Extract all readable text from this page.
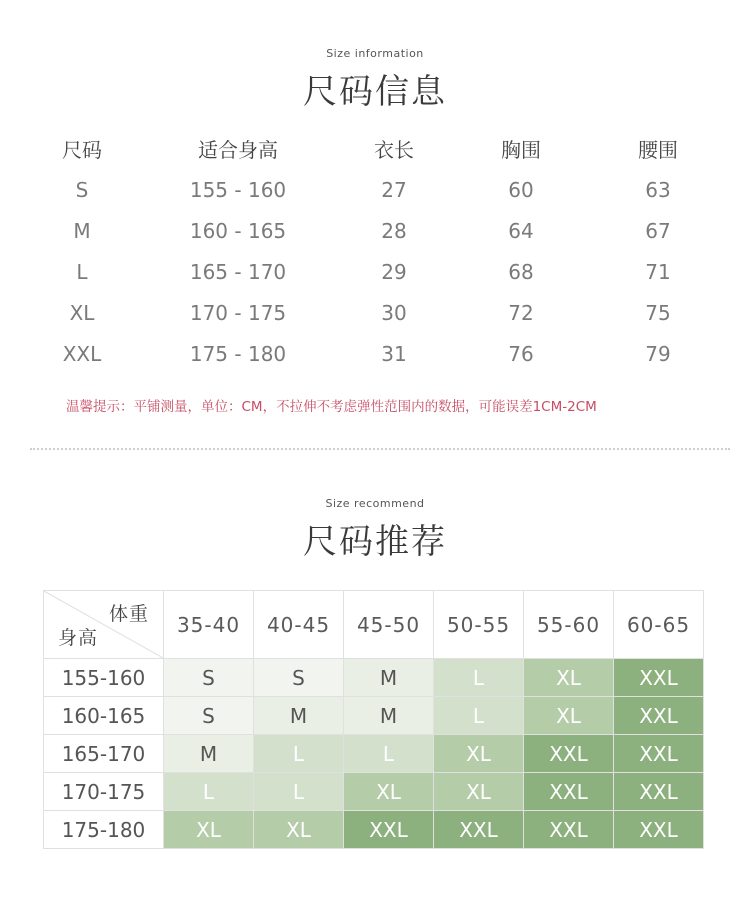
Size information
尺码信息
尺码	适合身高	衣长	胸围	腰围
S	155 - 160	27	60	63
M	160 - 165	28	64	67
L	165 - 170	29	68	71
XL	170 - 175	30	72	75
XXL	175 - 180	31	76	79
温馨提示：平铺测量，单位：CM，不拉伸不考虑弹性范围内的数据，可能误差1CM-2CM
Size recommend
尺码推荐
体重
身高	35-40	40-45	45-50	50-55	55-60	60-65
155-160	S	S	M	L	XL	XXL
160-165	S	M	M	L	XL	XXL
165-170	M	L	L	XL	XXL	XXL
170-175	L	L	XL	XL	XXL	XXL
175-180	XL	XL	XXL	XXL	XXL	XXL
